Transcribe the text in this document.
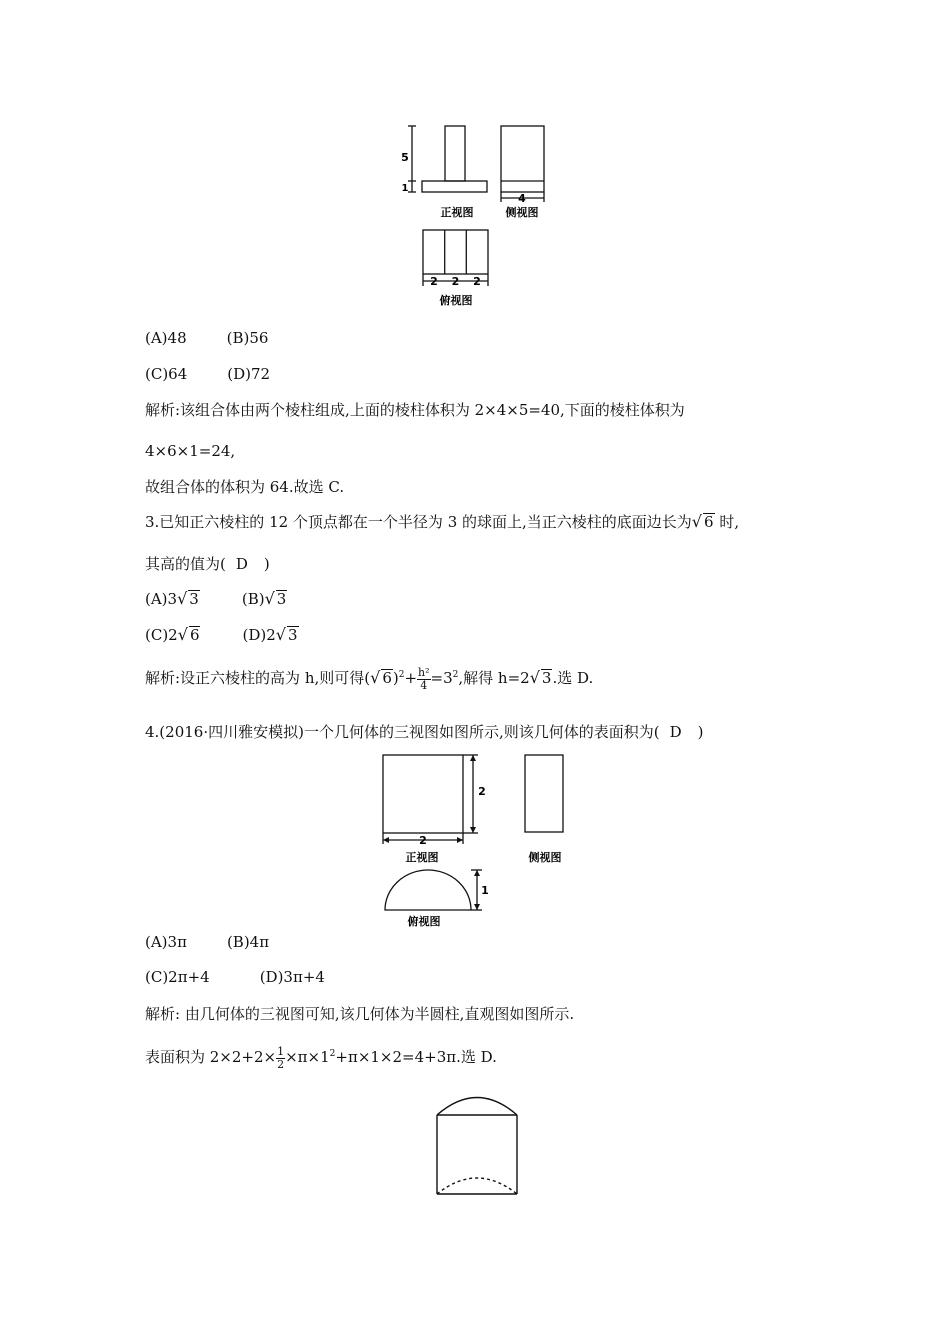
5
1
4
2 2 2
正视图	侧视图
俯视图
(A)48	(B)56
(C)64	(D)72
解析:该组合体由两个棱柱组成,上面的棱柱体积为 2×4×5=40,下面的棱柱体积为
4×6×1=24,
故组合体的体积为 64.故选 C.
3.已知正六棱柱的 12 个顶点都在一个半径为 3 的球面上,当正六棱柱的底面边长为√ 6 时,
其高的值为( D )
(A)3√ 3	(B)√ 3
(C)2√ 6	(D)2√ 3
解析:设正六棱柱的高为 h,则可得(√ $6)^2+ \frac{\text{h²}}{4} =3^2$,解得 h=2√ 3.选 D.
4.(2016·四川雅安模拟)一个几何体的三视图如图所示,则该几何体的表面积为( D )
2
2
1
正视图	侧视图
俯视图
(A)3π	(B)4π
(C)2π+4	(D)3π+4
解析: 由几何体的三视图可知,该几何体为半圆柱,直观图如图所示.
表面积为 $2\times 2+2\times \frac{1}{2} \times\pi\times 1^2+\pi\times 1\times 2=4+3\pi$.选 D.
